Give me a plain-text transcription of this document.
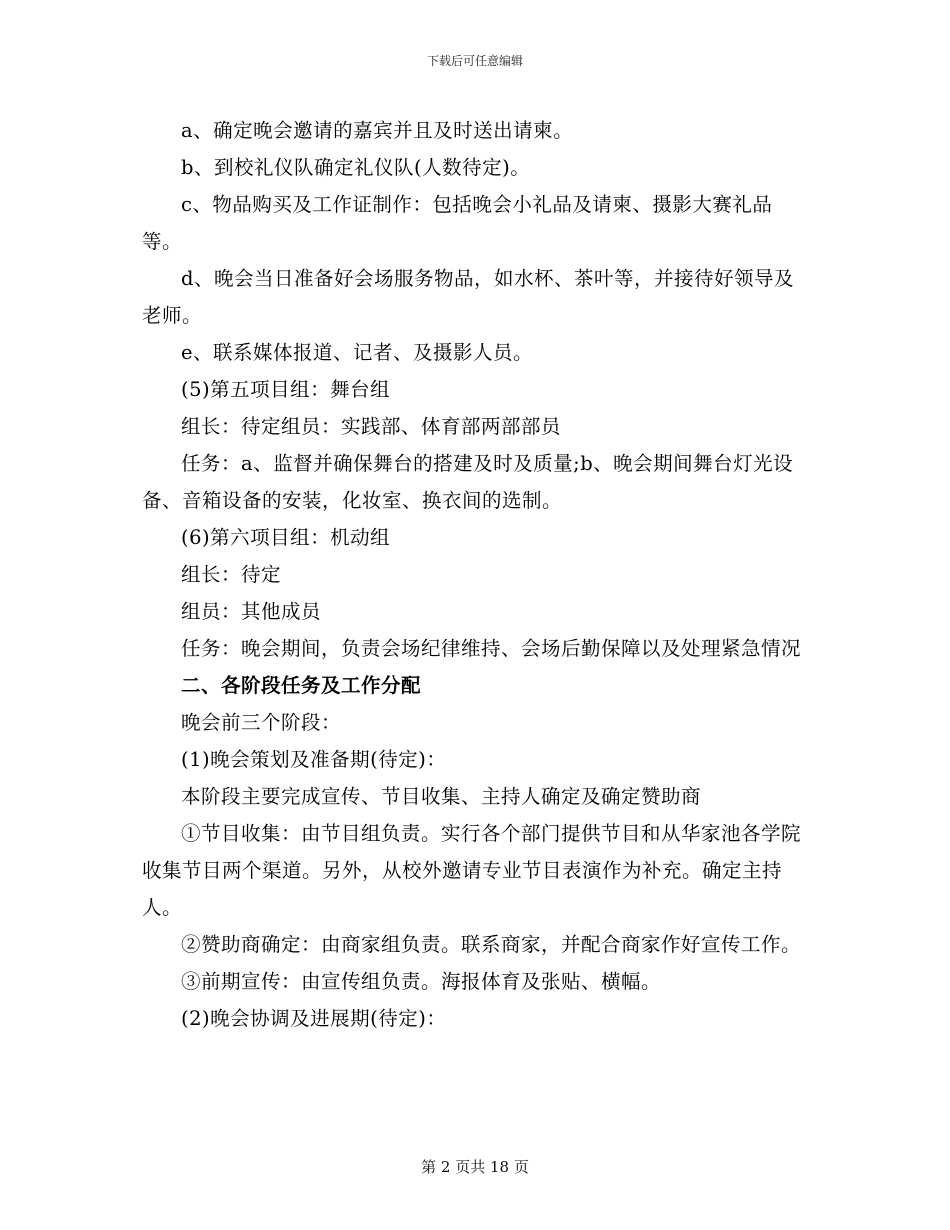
下载后可任意编辑

a、确定晚会邀请的嘉宾并且及时送出请柬。

b、到校礼仪队确定礼仪队(人数待定)。

c、物品购买及工作证制作：包括晚会小礼品及请柬、摄影大赛礼品等。

d、晚会当日准备好会场服务物品，如水杯、茶叶等，并接待好领导及老师。

e、联系媒体报道、记者、及摄影人员。

(5)第五项目组：舞台组

组长：待定组员：实践部、体育部两部部员

任务：a、监督并确保舞台的搭建及时及质量;b、晚会期间舞台灯光设备、音箱设备的安装，化妆室、换衣间的选制。

(6)第六项目组：机动组

组长：待定

组员：其他成员

任务：晚会期间，负责会场纪律维持、会场后勤保障以及处理紧急情况

二、各阶段任务及工作分配

晚会前三个阶段：

(1)晚会策划及准备期(待定)：

本阶段主要完成宣传、节目收集、主持人确定及确定赞助商

①节目收集：由节目组负责。实行各个部门提供节目和从华家池各学院收集节目两个渠道。另外，从校外邀请专业节目表演作为补充。确定主持人。

②赞助商确定：由商家组负责。联系商家，并配合商家作好宣传工作。

③前期宣传：由宣传组负责。海报体育及张贴、横幅。

(2)晚会协调及进展期(待定)：

第 2 页共 18 页
